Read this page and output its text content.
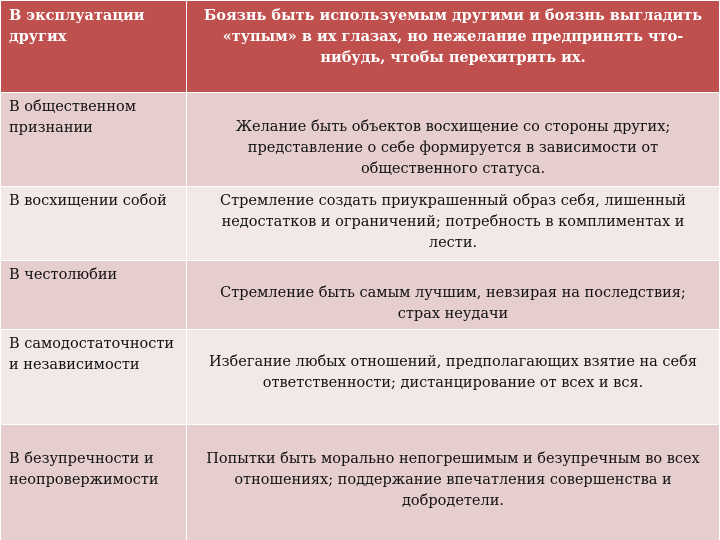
В эксплуатации других	Боязнь быть используемым другими и боязнь выгладить «тупым» в их глазах, но нежелание предпринять что-нибудь, чтобы перехитрить их.
В общественном признании	Желание быть объектов восхищение со стороны других; представление о себе формируется в зависимости от общественного статуса.
В восхищении собой	Стремление создать приукрашенный образ себя, лишенный недостатков и ограничений; потребность в комплиментах и лести.
В честолюбии	Стремление быть самым лучшим, невзирая на последствия; страх неудачи
В самодостаточности и независимости	Избегание любых отношений, предполагающих взятие на себя ответственности; дистанцирование от всех и вся.
В безупречности и неопровержимости	Попытки быть морально непогрешимым и безупречным во всех отношениях; поддержание впечатления совершенства и добродетели.
